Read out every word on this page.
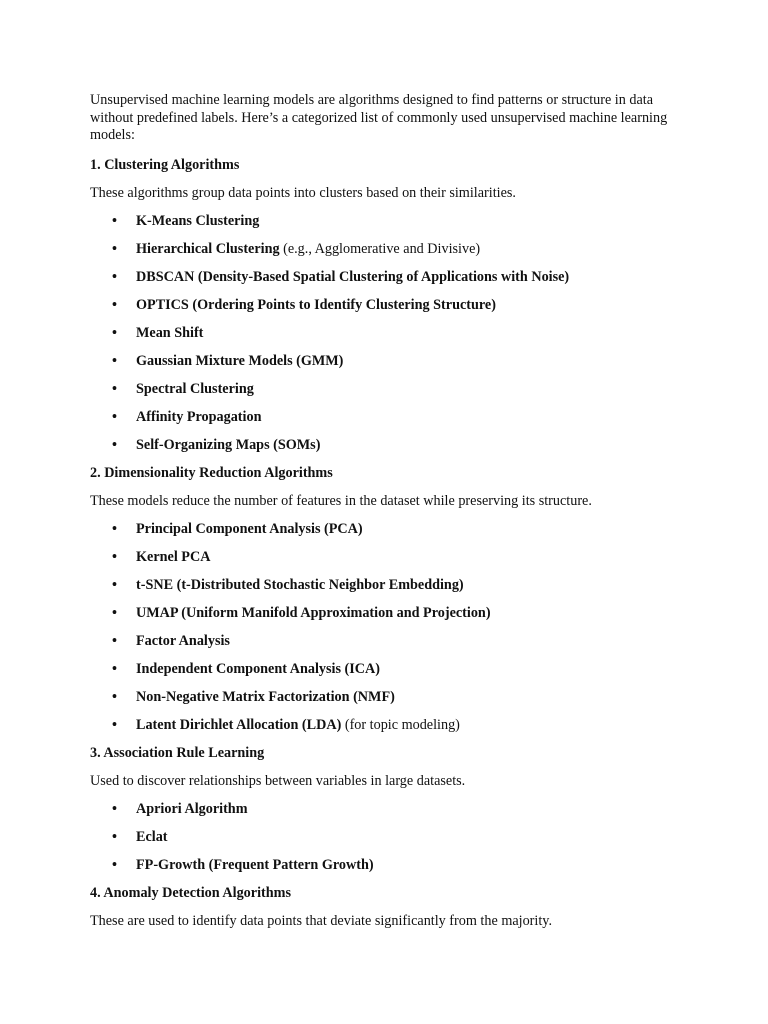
Unsupervised machine learning models are algorithms designed to find patterns or structure in data without predefined labels. Here’s a categorized list of commonly used unsupervised machine learning models:

1. Clustering Algorithms

These algorithms group data points into clusters based on their similarities.

• K-Means Clustering
• Hierarchical Clustering (e.g., Agglomerative and Divisive)
• DBSCAN (Density-Based Spatial Clustering of Applications with Noise)
• OPTICS (Ordering Points to Identify Clustering Structure)
• Mean Shift
• Gaussian Mixture Models (GMM)
• Spectral Clustering
• Affinity Propagation
• Self-Organizing Maps (SOMs)

2. Dimensionality Reduction Algorithms

These models reduce the number of features in the dataset while preserving its structure.

• Principal Component Analysis (PCA)
• Kernel PCA
• t-SNE (t-Distributed Stochastic Neighbor Embedding)
• UMAP (Uniform Manifold Approximation and Projection)
• Factor Analysis
• Independent Component Analysis (ICA)
• Non-Negative Matrix Factorization (NMF)
• Latent Dirichlet Allocation (LDA) (for topic modeling)

3. Association Rule Learning

Used to discover relationships between variables in large datasets.

• Apriori Algorithm
• Eclat
• FP-Growth (Frequent Pattern Growth)

4. Anomaly Detection Algorithms

These are used to identify data points that deviate significantly from the majority.
